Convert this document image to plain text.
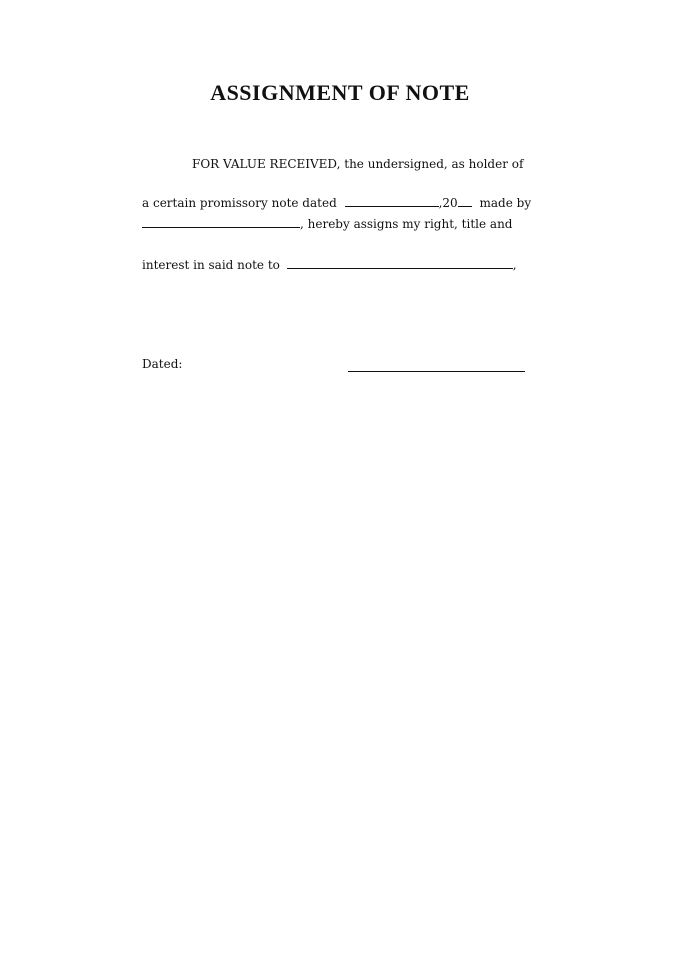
ASSIGNMENT OF NOTE

FOR VALUE RECEIVED, the undersigned, as holder of

a certain promissory note dated	,20 made by

, hereby assigns my right, title and

interest in said note to	,

Dated:
